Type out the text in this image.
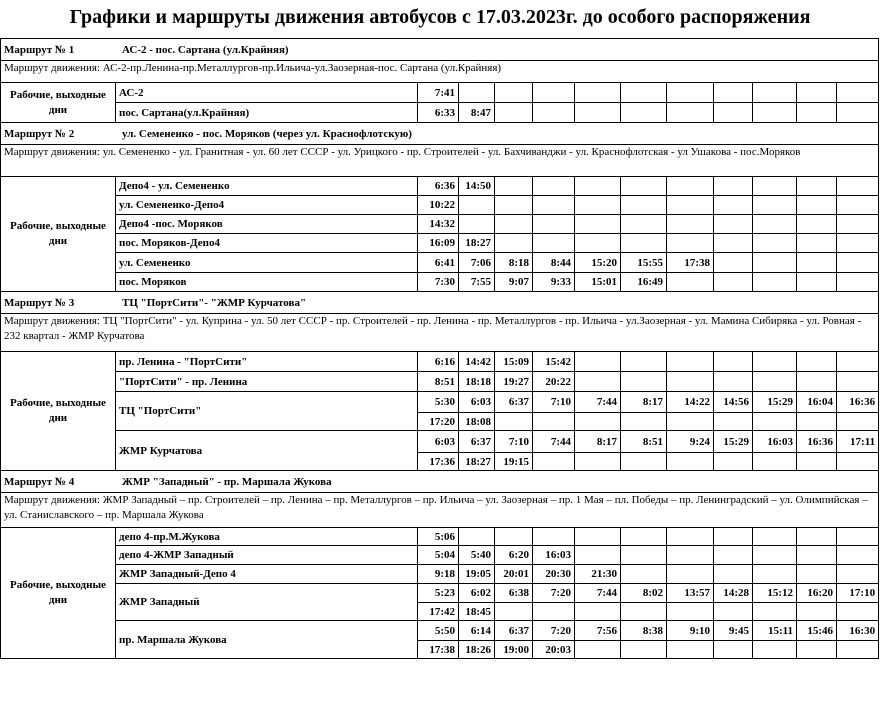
Графики и маршруты движения автобусов с 17.03.2023г. до особого распоряжения
Маршрут № 1 АС-2 - пос. Сартана (ул.Крайняя)												
Маршрут движения: АС-2-пр.Ленина-пр.Металлургов-пр.Ильича-ул.Заозерная-пос. Сартана (ул.Крайняя)												
Рабочие, выходные дни	АС-2	7:41										
	пос. Сартана(ул.Крайняя)	6:33	8:47									
Маршрут № 2 ул. Семененко - пос. Моряков (через ул. Краснофлотскую)												
Маршрут движения: ул. Семененко - ул. Гранитная - ул. 60 лет СССР - ул. Урицкого - пр. Строителей - ул. Бахчиванджи - ул. Краснофлотская - ул Ушакова - пос.Моряков												
Рабочие, выходные дни	Депо4 - ул. Семененко	6:36	14:50									
	ул. Семененко-Депо4	10:22										
	Депо4 -пос. Моряков	14:32										
	пос. Моряков-Депо4	16:09	18:27									
	ул. Семененко	6:41	7:06	8:18	8:44	15:20	15:55	17:38				
	пос. Моряков	7:30	7:55	9:07	9:33	15:01	16:49					
Маршрут № 3 ТЦ "ПортСити"- "ЖМР Курчатова"												
Маршрут движения: ТЦ "ПортСити" - ул. Куприна - ул. 50 лет СССР - пр. Строителей - пр. Ленина - пр. Металлургов - пр. Ильича - ул.Заозерная - ул. Мамина Сибиряка - ул. Ровная - 232 квартал - ЖМР Курчатова												
Рабочие, выходные дни	пр. Ленина - "ПортСити"	6:16	14:42	15:09	15:42							
	"ПортСити" - пр. Ленина	8:51	18:18	19:27	20:22							
	ТЦ "ПортСити"	5:30	6:03	6:37	7:10	7:44	8:17	14:22	14:56	15:29	16:04	16:36
		17:20	18:08									
	ЖМР Курчатова	6:03	6:37	7:10	7:44	8:17	8:51	9:24	15:29	16:03	16:36	17:11
		17:36	18:27	19:15								
Маршрут № 4 ЖМР "Западный" - пр. Маршала Жукова												
Маршрут движения: ЖМР Западный – пр. Строителей – пр. Ленина – пр. Металлургов – пр. Ильича – ул. Заозерная – пр. 1 Мая – пл. Победы – пр. Ленинградский – ул. Олимпийская – ул. Станиславского – пр. Маршала Жукова												
Рабочие, выходные дни	депо 4-пр.М.Жукова	5:06										
	депо 4-ЖМР Западный	5:04	5:40	6:20	16:03							
	ЖМР Западный-Депо 4	9:18	19:05	20:01	20:30	21:30						
	ЖМР Западный	5:23	6:02	6:38	7:20	7:44	8:02	13:57	14:28	15:12	16:20	17:10
		17:42	18:45									
	пр. Маршала Жукова	5:50	6:14	6:37	7:20	7:56	8:38	9:10	9:45	15:11	15:46	16:30
		17:38	18:26	19:00	20:03							
